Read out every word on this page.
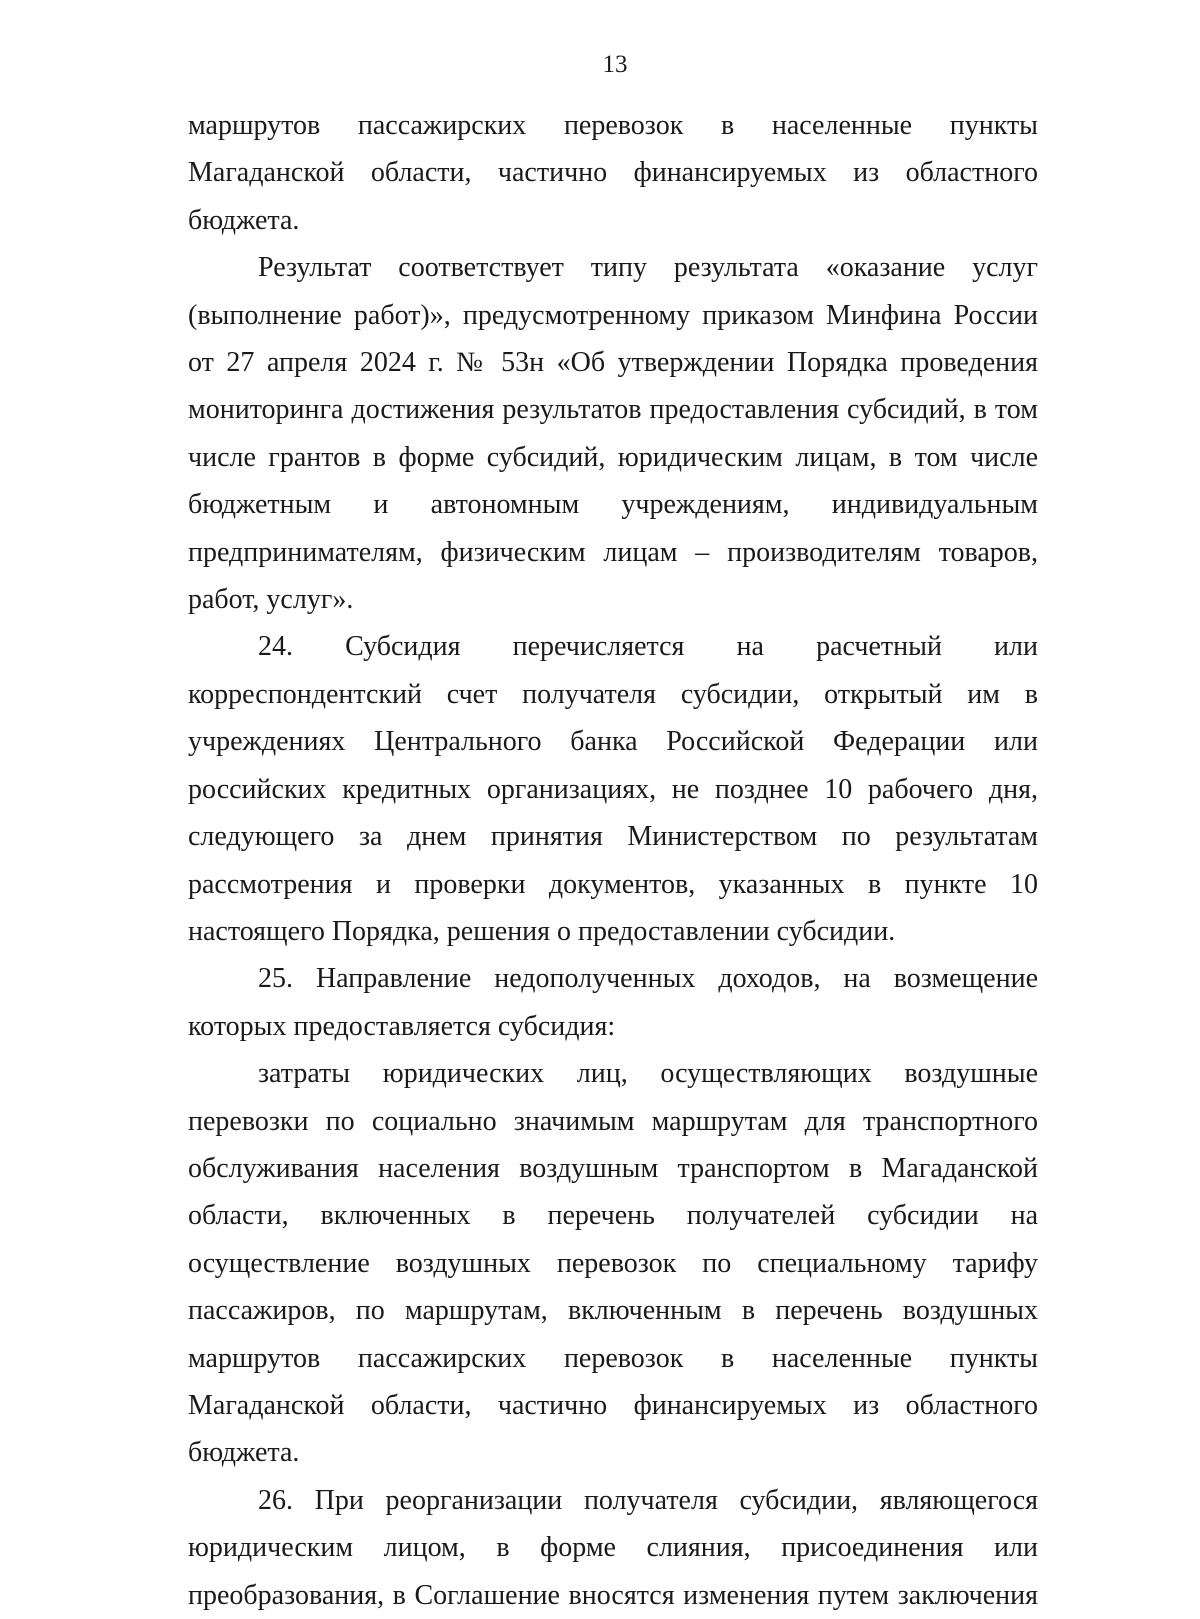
13

маршрутов пассажирских перевозок в населенные пункты Магаданской области, частично финансируемых из областного бюджета.

Результат соответствует типу результата «оказание услуг (выполнение работ)», предусмотренному приказом Минфина России от 27 апреля 2024 г. № 53н «Об утверждении Порядка проведения мониторинга достижения результатов предоставления субсидий, в том числе грантов в форме субсидий, юридическим лицам, в том числе бюджетным и автономным учреждениям, индивидуальным предпринимателям, физическим лицам – производителям товаров, работ, услуг».

24. Субсидия перечисляется на расчетный или корреспондентский счет получателя субсидии, открытый им в учреждениях Центрального банка Российской Федерации или российских кредитных организациях, не позднее 10 рабочего дня, следующего за днем принятия Министерством по результатам рассмотрения и проверки документов, указанных в пункте 10 настоящего Порядка, решения о предоставлении субсидии.

25. Направление недополученных доходов, на возмещение которых предоставляется субсидия:

затраты юридических лиц, осуществляющих воздушные перевозки по социально значимым маршрутам для транспортного обслуживания населения воздушным транспортом в Магаданской области, включенных в перечень получателей субсидии на осуществление воздушных перевозок по специальному тарифу пассажиров, по маршрутам, включенным в перечень воздушных маршрутов пассажирских перевозок в населенные пункты Магаданской области, частично финансируемых из областного бюджета.

26. При реорганизации получателя субсидии, являющегося юридическим лицом, в форме слияния, присоединения или преобразования, в Соглашение вносятся изменения путем заключения
